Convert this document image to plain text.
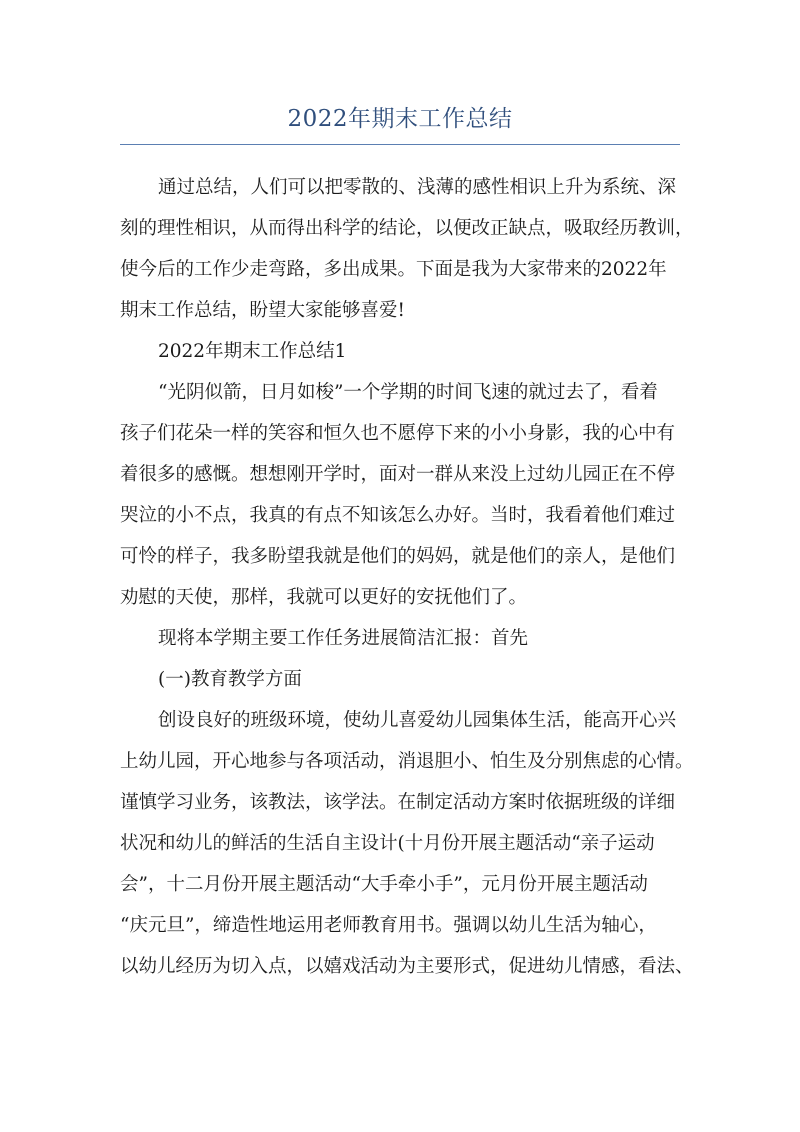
2022年期末工作总结
通过总结，人们可以把零散的、浅薄的感性相识上升为系统、深
刻的理性相识，从而得出科学的结论，以便改正缺点，吸取经历教训，
使今后的工作少走弯路，多出成果。下面是我为大家带来的2022年
期末工作总结，盼望大家能够喜爱!
2022年期末工作总结1
“光阴似箭，日月如梭”一个学期的时间飞速的就过去了，看着
孩子们花朵一样的笑容和恒久也不愿停下来的小小身影，我的心中有
着很多的感慨。想想刚开学时，面对一群从来没上过幼儿园正在不停
哭泣的小不点，我真的有点不知该怎么办好。当时，我看着他们难过
可怜的样子，我多盼望我就是他们的妈妈，就是他们的亲人，是他们
劝慰的天使，那样，我就可以更好的安抚他们了。
现将本学期主要工作任务进展简洁汇报：首先
(一)教育教学方面
创设良好的班级环境，使幼儿喜爱幼儿园集体生活，能高开心兴
上幼儿园，开心地参与各项活动，消退胆小、怕生及分别焦虑的心情。
谨慎学习业务，该教法，该学法。在制定活动方案时依据班级的详细
状况和幼儿的鲜活的生活自主设计(十月份开展主题活动“亲子运动
会”，十二月份开展主题活动“大手牵小手”，元月份开展主题活动
“庆元旦”，缔造性地运用老师教育用书。强调以幼儿生活为轴心，
以幼儿经历为切入点，以嬉戏活动为主要形式，促进幼儿情感，看法、
